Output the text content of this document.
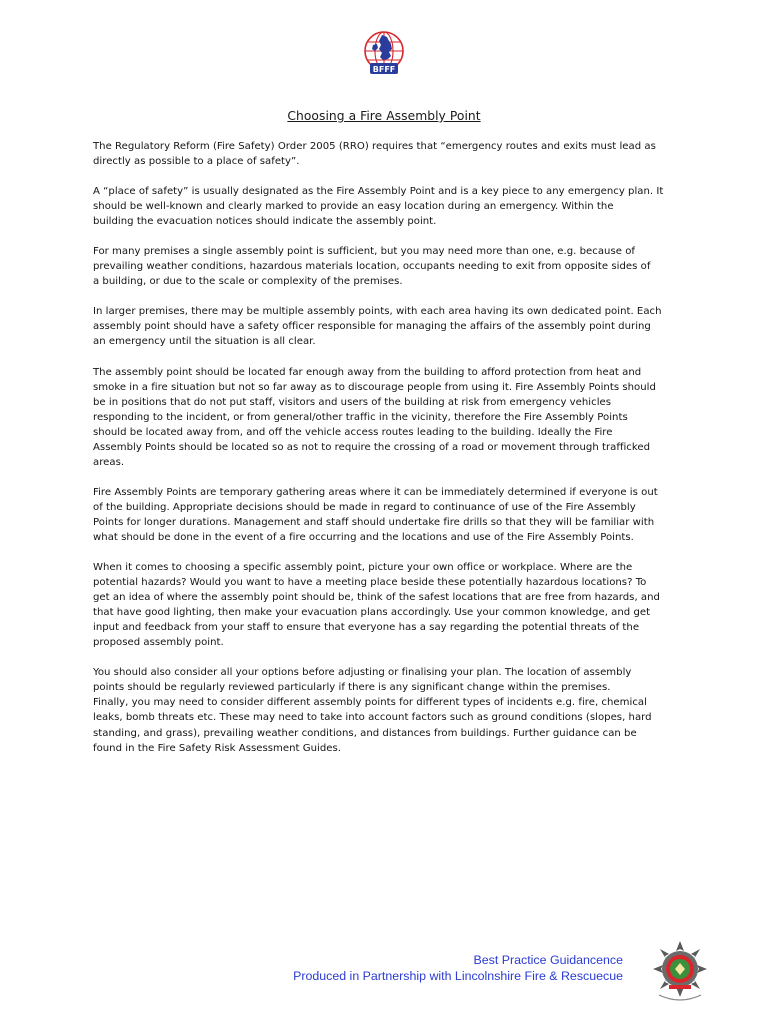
BFFF
Choosing a Fire Assembly Point

The Regulatory Reform (Fire Safety) Order 2005 (RRO) requires that “emergency routes and exits must lead as
directly as possible to a place of safety”.

A “place of safety” is usually designated as the Fire Assembly Point and is a key piece to any emergency plan. It
should be well-known and clearly marked to provide an easy location during an emergency. Within the
building the evacuation notices should indicate the assembly point.

For many premises a single assembly point is sufficient, but you may need more than one, e.g. because of
prevailing weather conditions, hazardous materials location, occupants needing to exit from opposite sides of
a building, or due to the scale or complexity of the premises.

In larger premises, there may be multiple assembly points, with each area having its own dedicated point. Each
assembly point should have a safety officer responsible for managing the affairs of the assembly point during
an emergency until the situation is all clear.

The assembly point should be located far enough away from the building to afford protection from heat and
smoke in a fire situation but not so far away as to discourage people from using it. Fire Assembly Points should
be in positions that do not put staff, visitors and users of the building at risk from emergency vehicles
responding to the incident, or from general/other traffic in the vicinity, therefore the Fire Assembly Points
should be located away from, and off the vehicle access routes leading to the building. Ideally the Fire
Assembly Points should be located so as not to require the crossing of a road or movement through trafficked
areas.

Fire Assembly Points are temporary gathering areas where it can be immediately determined if everyone is out
of the building. Appropriate decisions should be made in regard to continuance of use of the Fire Assembly
Points for longer durations. Management and staff should undertake fire drills so that they will be familiar with
what should be done in the event of a fire occurring and the locations and use of the Fire Assembly Points.

When it comes to choosing a specific assembly point, picture your own office or workplace. Where are the
potential hazards? Would you want to have a meeting place beside these potentially hazardous locations? To
get an idea of where the assembly point should be, think of the safest locations that are free from hazards, and
that have good lighting, then make your evacuation plans accordingly. Use your common knowledge, and get
input and feedback from your staff to ensure that everyone has a say regarding the potential threats of the
proposed assembly point.

You should also consider all your options before adjusting or finalising your plan. The location of assembly
points should be regularly reviewed particularly if there is any significant change within the premises.

Finally, you may need to consider different assembly points for different types of incidents e.g. fire, chemical
leaks, bomb threats etc. These may need to take into account factors such as ground conditions (slopes, hard
standing, and grass), prevailing weather conditions, and distances from buildings. Further guidance can be
found in the Fire Safety Risk Assessment Guides.

Best Practice Guidance nce
Produced in Partnership with Lincolnshire Fire & Rescue cue
